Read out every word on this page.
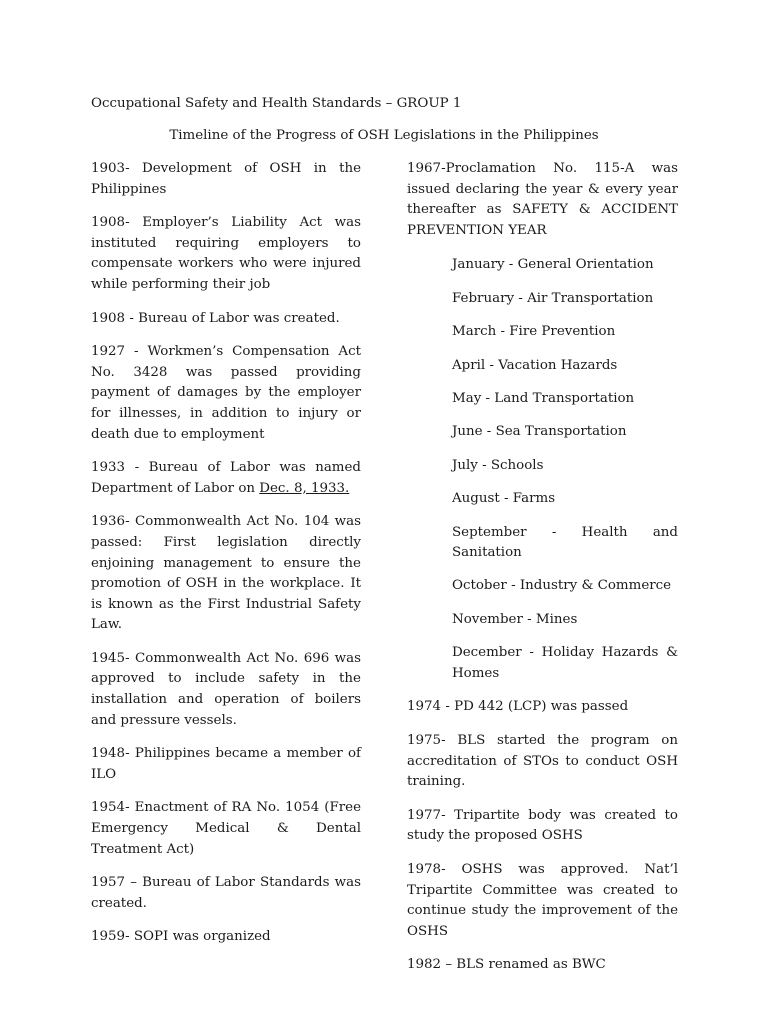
Occupational Safety and Health Standards – GROUP 1
Timeline of the Progress of OSH Legislations in the Philippines

1903- Development of OSH in the Philippines

1908- Employer’s Liability Act was instituted requiring employers to compensate workers who were injured while performing their job

1908 - Bureau of Labor was created.

1927 - Workmen’s Compensation Act No. 3428 was passed providing payment of damages by the employer for illnesses, in addition to injury or death due to employment

1933 - Bureau of Labor was named Department of Labor on Dec. 8, 1933.

1936- Commonwealth Act No. 104 was passed: First legislation directly enjoining management to ensure the promotion of OSH in the workplace. It is known as the First Industrial Safety Law.

1945- Commonwealth Act No. 696 was approved to include safety in the installation and operation of boilers and pressure vessels.

1948- Philippines became a member of ILO

1954- Enactment of RA No. 1054 (Free Emergency Medical & Dental Treatment Act)

1957 – Bureau of Labor Standards was created.

1959- SOPI was organized

1967-Proclamation No. 115-A was issued declaring the year & every year thereafter as SAFETY & ACCIDENT PREVENTION YEAR

January - General Orientation

February - Air Transportation

March - Fire Prevention

April - Vacation Hazards

May - Land Transportation

June - Sea Transportation

July - Schools

August - Farms

September - Health and Sanitation

October - Industry & Commerce

November - Mines

December - Holiday Hazards & Homes

1974 - PD 442 (LCP) was passed

1975- BLS started the program on accreditation of STOs to conduct OSH training.

1977- Tripartite body was created to study the proposed OSHS

1978- OSHS was approved. Nat’l Tripartite Committee was created to continue study the improvement of the OSHS

1982 – BLS renamed as BWC
